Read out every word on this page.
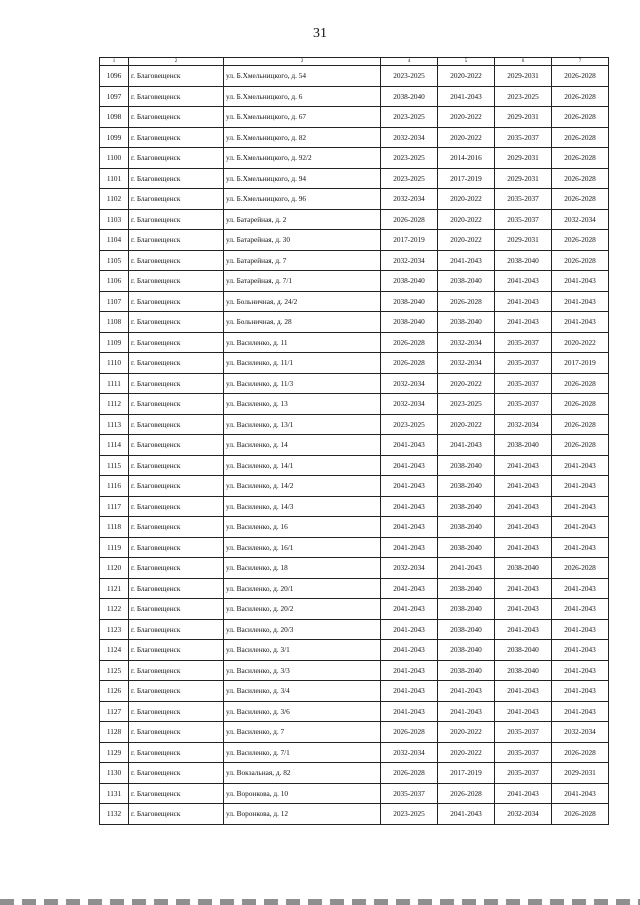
31
1	2	3	4	5	6	7
1096	г. Благовещенск	ул. Б.Хмельницкого, д. 54	2023-2025	2020-2022	2029-2031	2026-2028
1097	г. Благовещенск	ул. Б.Хмельницкого, д. 6	2038-2040	2041-2043	2023-2025	2026-2028
1098	г. Благовещенск	ул. Б.Хмельницкого, д. 67	2023-2025	2020-2022	2029-2031	2026-2028
1099	г. Благовещенск	ул. Б.Хмельницкого, д. 82	2032-2034	2020-2022	2035-2037	2026-2028
1100	г. Благовещенск	ул. Б.Хмельницкого, д. 92/2	2023-2025	2014-2016	2029-2031	2026-2028
1101	г. Благовещенск	ул. Б.Хмельницкого, д. 94	2023-2025	2017-2019	2029-2031	2026-2028
1102	г. Благовещенск	ул. Б.Хмельницкого, д. 96	2032-2034	2020-2022	2035-2037	2026-2028
1103	г. Благовещенск	ул. Батарейная, д. 2	2026-2028	2020-2022	2035-2037	2032-2034
1104	г. Благовещенск	ул. Батарейная, д. 30	2017-2019	2020-2022	2029-2031	2026-2028
1105	г. Благовещенск	ул. Батарейная, д. 7	2032-2034	2041-2043	2038-2040	2026-2028
1106	г. Благовещенск	ул. Батарейная, д. 7/1	2038-2040	2038-2040	2041-2043	2041-2043
1107	г. Благовещенск	ул. Больничная, д. 24/2	2038-2040	2026-2028	2041-2043	2041-2043
1108	г. Благовещенск	ул. Больничная, д. 28	2038-2040	2038-2040	2041-2043	2041-2043
1109	г. Благовещенск	ул. Василенко, д. 11	2026-2028	2032-2034	2035-2037	2020-2022
1110	г. Благовещенск	ул. Василенко, д. 11/1	2026-2028	2032-2034	2035-2037	2017-2019
1111	г. Благовещенск	ул. Василенко, д. 11/3	2032-2034	2020-2022	2035-2037	2026-2028
1112	г. Благовещенск	ул. Василенко, д. 13	2032-2034	2023-2025	2035-2037	2026-2028
1113	г. Благовещенск	ул. Василенко, д. 13/1	2023-2025	2020-2022	2032-2034	2026-2028
1114	г. Благовещенск	ул. Василенко, д. 14	2041-2043	2041-2043	2038-2040	2026-2028
1115	г. Благовещенск	ул. Василенко, д. 14/1	2041-2043	2038-2040	2041-2043	2041-2043
1116	г. Благовещенск	ул. Василенко, д. 14/2	2041-2043	2038-2040	2041-2043	2041-2043
1117	г. Благовещенск	ул. Василенко, д. 14/3	2041-2043	2038-2040	2041-2043	2041-2043
1118	г. Благовещенск	ул. Василенко, д. 16	2041-2043	2038-2040	2041-2043	2041-2043
1119	г. Благовещенск	ул. Василенко, д. 16/1	2041-2043	2038-2040	2041-2043	2041-2043
1120	г. Благовещенск	ул. Василенко, д. 18	2032-2034	2041-2043	2038-2040	2026-2028
1121	г. Благовещенск	ул. Василенко, д. 20/1	2041-2043	2038-2040	2041-2043	2041-2043
1122	г. Благовещенск	ул. Василенко, д. 20/2	2041-2043	2038-2040	2041-2043	2041-2043
1123	г. Благовещенск	ул. Василенко, д. 20/3	2041-2043	2038-2040	2041-2043	2041-2043
1124	г. Благовещенск	ул. Василенко, д. 3/1	2041-2043	2038-2040	2038-2040	2041-2043
1125	г. Благовещенск	ул. Василенко, д. 3/3	2041-2043	2038-2040	2038-2040	2041-2043
1126	г. Благовещенск	ул. Василенко, д. 3/4	2041-2043	2041-2043	2041-2043	2041-2043
1127	г. Благовещенск	ул. Василенко, д. 3/6	2041-2043	2041-2043	2041-2043	2041-2043
1128	г. Благовещенск	ул. Василенко, д. 7	2026-2028	2020-2022	2035-2037	2032-2034
1129	г. Благовещенск	ул. Василенко, д. 7/1	2032-2034	2020-2022	2035-2037	2026-2028
1130	г. Благовещенск	ул. Вокзальная, д. 82	2026-2028	2017-2019	2035-2037	2029-2031
1131	г. Благовещенск	ул. Воронкова, д. 10	2035-2037	2026-2028	2041-2043	2041-2043
1132	г. Благовещенск	ул. Воронкова, д. 12	2023-2025	2041-2043	2032-2034	2026-2028
